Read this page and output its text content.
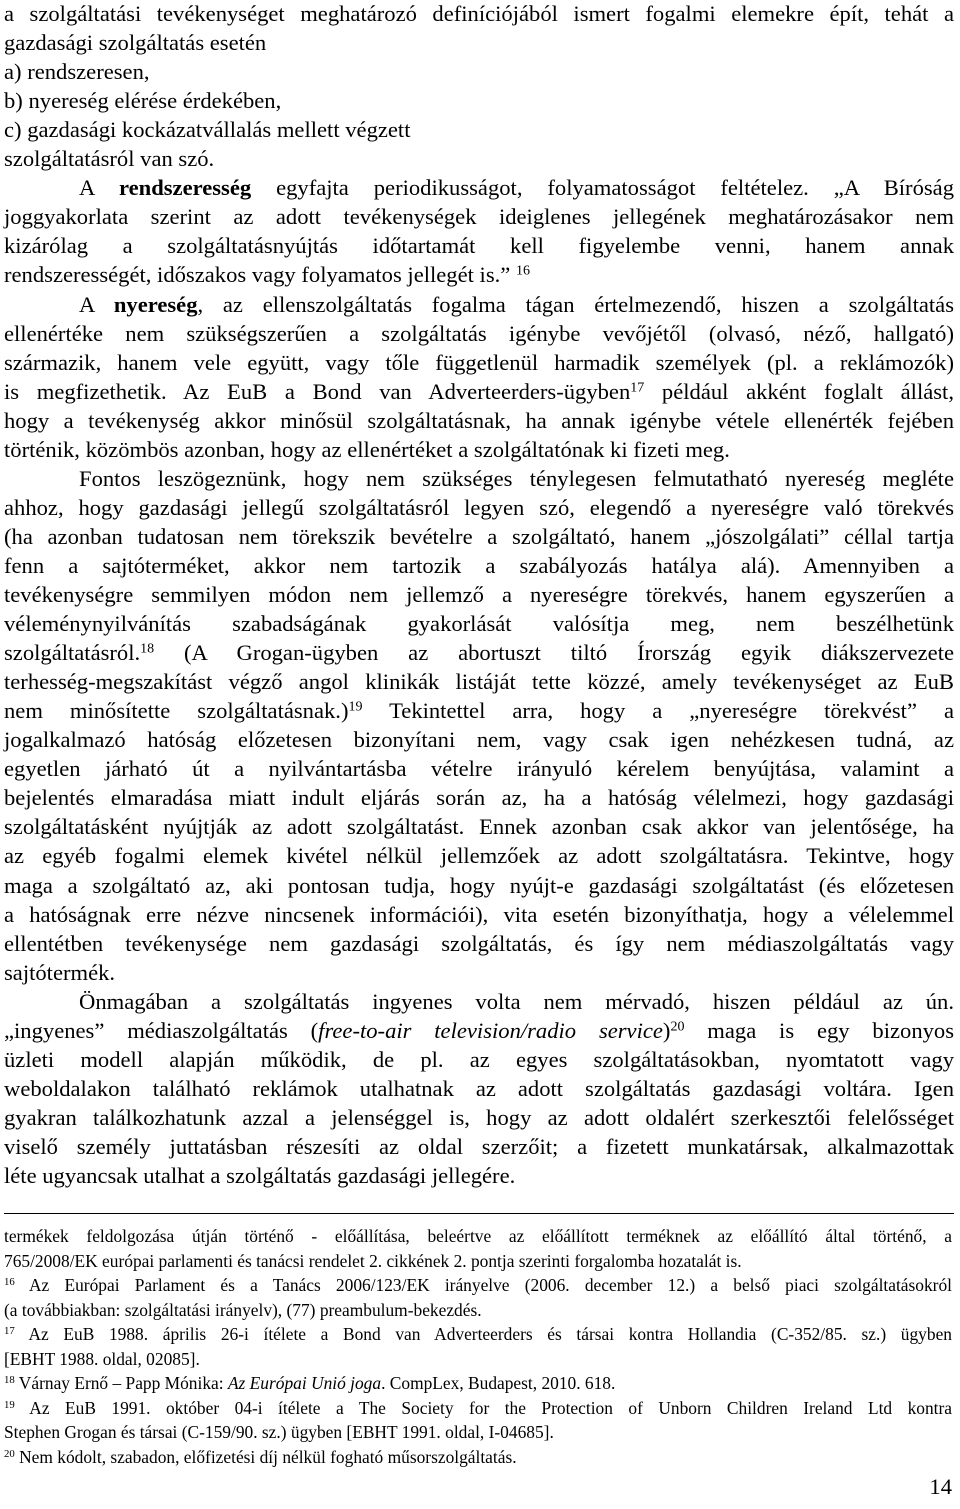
a szolgáltatási tevékenységet meghatározó definíciójából ismert fogalmi elemekre épít, tehát a
gazdasági szolgáltatás esetén
a) rendszeresen,
b) nyereség elérése érdekében,
c) gazdasági kockázatvállalás mellett végzett
szolgáltatásról van szó.
A rendszeresség egyfajta periodikusságot, folyamatosságot feltételez. „A Bíróság
joggyakorlata szerint az adott tevékenységek ideiglenes jellegének meghatározásakor nem
kizárólag a szolgáltatásnyújtás időtartamát kell figyelembe venni, hanem annak
rendszerességét, időszakos vagy folyamatos jellegét is.” $^{16}$
A nyereség, az ellenszolgáltatás fogalma tágan értelmezendő, hiszen a szolgáltatás
ellenértéke nem szükségszerűen a szolgáltatás igénybe vevőjétől (olvasó, néző, hallgató)
származik, hanem vele együtt, vagy tőle függetlenül harmadik személyek (pl. a reklámozók)
is megfizethetik. Az EuB a Bond van Adverteerders-ügyben$^{17}$ például akként foglalt állást,
hogy a tevékenység akkor minősül szolgáltatásnak, ha annak igénybe vétele ellenérték fejében
történik, közömbös azonban, hogy az ellenértéket a szolgáltatónak ki fizeti meg.
Fontos leszögeznünk, hogy nem szükséges ténylegesen felmutatható nyereség megléte
ahhoz, hogy gazdasági jellegű szolgáltatásról legyen szó, elegendő a nyereségre való törekvés
(ha azonban tudatosan nem törekszik bevételre a szolgáltató, hanem „jószolgálati” céllal tartja
fenn a sajtóterméket, akkor nem tartozik a szabályozás hatálya alá). Amennyiben a
tevékenységre semmilyen módon nem jellemző a nyereségre törekvés, hanem egyszerűen a
véleménynyilvánítás szabadságának gyakorlását valósítja meg, nem beszélhetünk
szolgáltatásról.$^{18}$ (A Grogan-ügyben az abortuszt tiltó Írország egyik diákszervezete
terhesség-megszakítást végző angol klinikák listáját tette közzé, amely tevékenységet az EuB
nem minősítette szolgáltatásnak.)$^{19}$ Tekintettel arra, hogy a „nyereségre törekvést” a
jogalkalmazó hatóság előzetesen bizonyítani nem, vagy csak igen nehézkesen tudná, az
egyetlen járható út a nyilvántartásba vételre irányuló kérelem benyújtása, valamint a
bejelentés elmaradása miatt indult eljárás során az, ha a hatóság vélelmezi, hogy gazdasági
szolgáltatásként nyújtják az adott szolgáltatást. Ennek azonban csak akkor van jelentősége, ha
az egyéb fogalmi elemek kivétel nélkül jellemzőek az adott szolgáltatásra. Tekintve, hogy
maga a szolgáltató az, aki pontosan tudja, hogy nyújt-e gazdasági szolgáltatást (és előzetesen
a hatóságnak erre nézve nincsenek információi), vita esetén bizonyíthatja, hogy a vélelemmel
ellentétben tevékenysége nem gazdasági szolgáltatás, és így nem médiaszolgáltatás vagy
sajtótermék.
Önmagában a szolgáltatás ingyenes volta nem mérvadó, hiszen például az ún.
„ingyenes” médiaszolgáltatás (free-to-air television/radio service)$^{20}$ maga is egy bizonyos
üzleti modell alapján működik, de pl. az egyes szolgáltatásokban, nyomtatott vagy
weboldalakon található reklámok utalhatnak az adott szolgáltatás gazdasági voltára. Igen
gyakran találkozhatunk azzal a jelenséggel is, hogy az adott oldalért szerkesztői felelősséget
viselő személy juttatásban részesíti az oldal szerzőit; a fizetett munkatársak, alkalmazottak
léte ugyancsak utalhat a szolgáltatás gazdasági jellegére.
termékek feldolgozása útján történő - előállítása, beleértve az előállított terméknek az előállító által történő, a
765/2008/EK európai parlamenti és tanácsi rendelet 2. cikkének 2. pontja szerinti forgalomba hozatalát is.
$^{16}$ Az Európai Parlament és a Tanács 2006/123/EK irányelve (2006. december 12.) a belső piaci szolgáltatásokról
(a továbbiakban: szolgáltatási irányelv), (77) preambulum-bekezdés.
$^{17}$ Az EuB 1988. április 26-i ítélete a Bond van Adverteerders és társai kontra Hollandia (C-352/85. sz.) ügyben
[EBHT 1988. oldal, 02085].
$^{18}$ Várnay Ernő – Papp Mónika: Az Európai Unió joga. CompLex, Budapest, 2010. 618.
$^{19}$ Az EuB 1991. október 04-i ítélete a The Society for the Protection of Unborn Children Ireland Ltd kontra
Stephen Grogan és társai (C-159/90. sz.) ügyben [EBHT 1991. oldal, I-04685].
$^{20}$ Nem kódolt, szabadon, előfizetési díj nélkül fogható műsorszolgáltatás.
14
